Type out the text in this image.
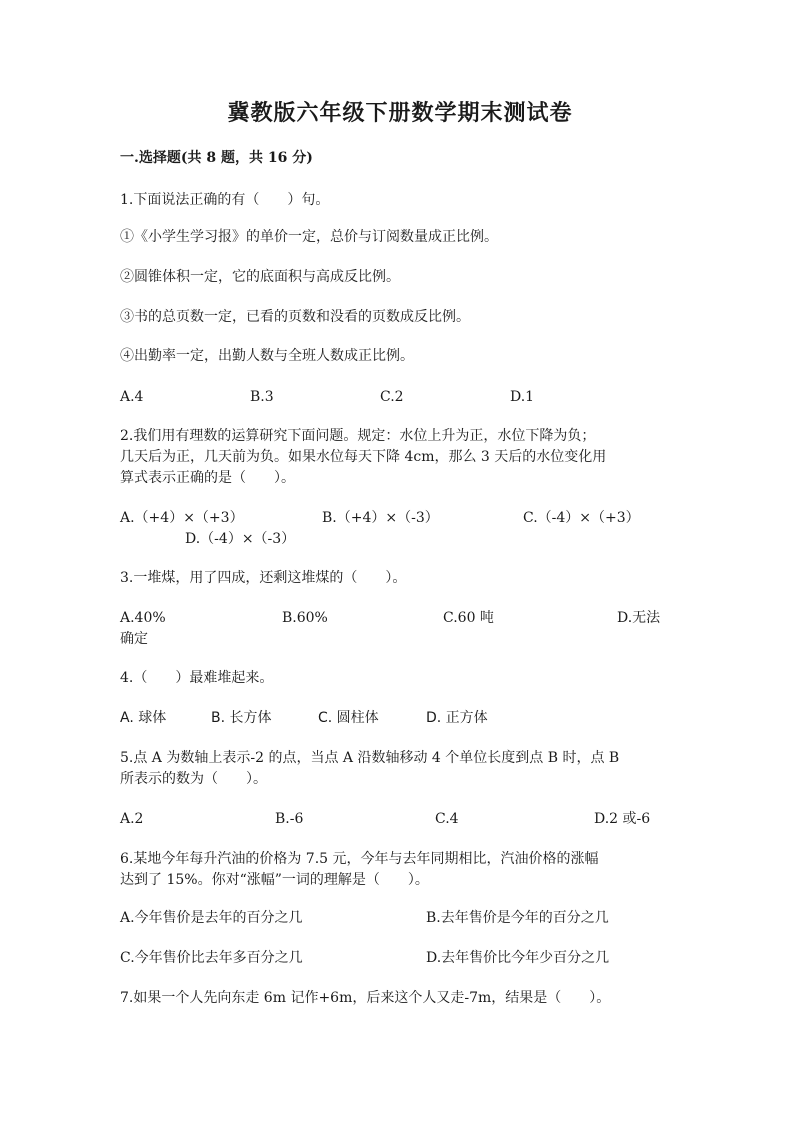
冀教版六年级下册数学期末测试卷
一.选择题(共 8 题，共 16 分)
1.下面说法正确的有（　　）句。
①《小学生学习报》的单价一定，总价与订阅数量成正比例。
②圆锥体积一定，它的底面积与高成反比例。
③书的总页数一定，已看的页数和没看的页数成反比例。
④出勤率一定，出勤人数与全班人数成正比例。
A.4	B.3	C.2	D.1
2.我们用有理数的运算研究下面问题。规定：水位上升为正，水位下降为负；
几天后为正，几天前为负。如果水位每天下降 4cm，那么 3 天后的水位变化用
算式表示正确的是（　　）。
A.（+4）×（+3）	B.（+4）×（-3）	C.（-4）×（+3）
D.（-4）×（-3）
3.一堆煤，用了四成，还剩这堆煤的（　　）。
A.40%	B.60%	C.60 吨	D.无法
确定
4.（　　）最难堆起来。
A. 球体	B. 长方体	C. 圆柱体	D. 正方体
5.点 A 为数轴上表示-2 的点，当点 A 沿数轴移动 4 个单位长度到点 B 时，点 B
所表示的数为（　　）。
A.2	B.-6	C.4	D.2 或-6
6.某地今年每升汽油的价格为 7.5 元，今年与去年同期相比，汽油价格的涨幅
达到了 15%。你对“涨幅”一词的理解是（　　）。
A.今年售价是去年的百分之几	B.去年售价是今年的百分之几
C.今年售价比去年多百分之几	D.去年售价比今年少百分之几
7.如果一个人先向东走 6m 记作+6m，后来这个人又走-7m，结果是（　　）。
